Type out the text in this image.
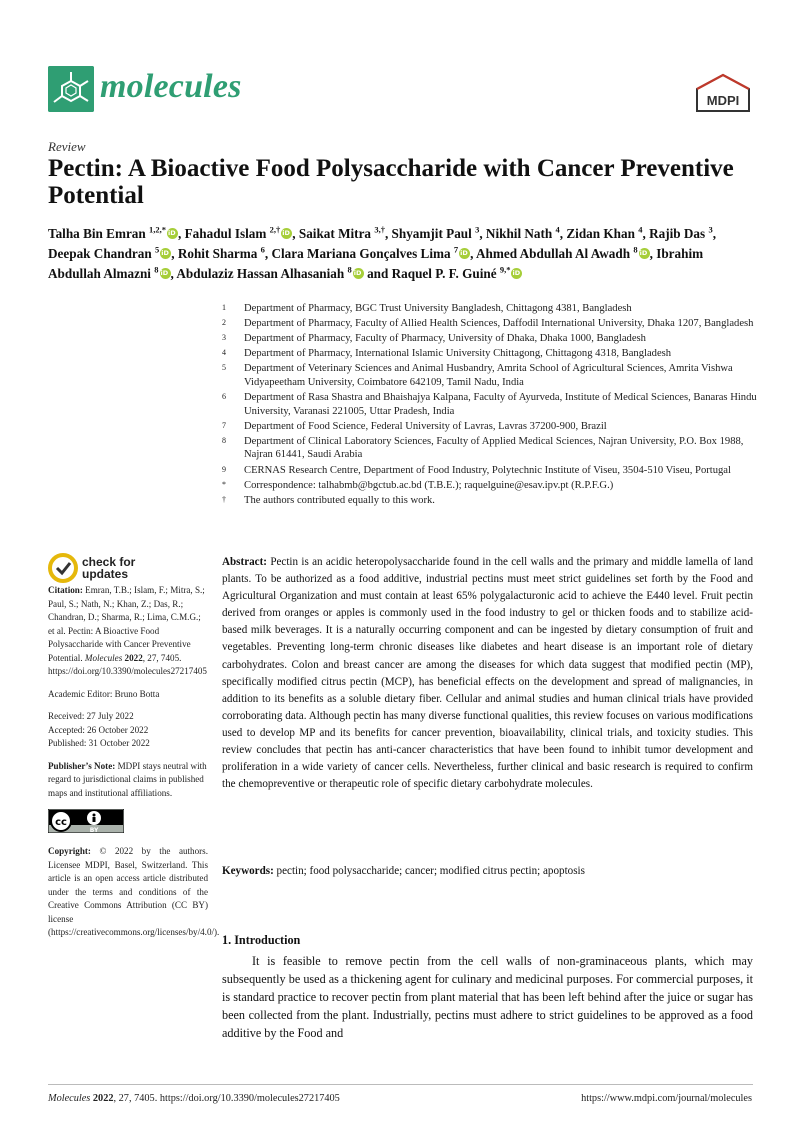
molecules	MDPI
Review
Pectin: A Bioactive Food Polysaccharide with Cancer Preventive Potential
Talha Bin Emran $^{1,2,*}$ iD , Fahadul Islam $^{2,\dagger}$ iD , Saikat Mitra $^{3,\dagger}$, Shyamjit Paul $^3$, Nikhil Nath $^4$, Zidan Khan $^4$, Rajib Das $^3$, Deepak Chandran $^5$ iD , Rohit Sharma $^6$, Clara Mariana Gonçalves Lima $^7$ iD , Ahmed Abdullah Al Awadh $^8$ iD , Ibrahim Abdullah Almazni $^8$ iD , Abdulaziz Hassan Alhasaniah $^8$ iD and Raquel P. F. Guiné $^{9,*}$iD
1	Department of Pharmacy, BGC Trust University Bangladesh, Chittagong 4381, Bangladesh
2	Department of Pharmacy, Faculty of Allied Health Sciences, Daffodil International University, Dhaka 1207, Bangladesh
3	Department of Pharmacy, Faculty of Pharmacy, University of Dhaka, Dhaka 1000, Bangladesh
4	Department of Pharmacy, International Islamic University Chittagong, Chittagong 4318, Bangladesh
5	Department of Veterinary Sciences and Animal Husbandry, Amrita School of Agricultural Sciences, Amrita Vishwa Vidyapeetham University, Coimbatore 642109, Tamil Nadu, India
6	Department of Rasa Shastra and Bhaishajya Kalpana, Faculty of Ayurveda, Institute of Medical Sciences, Banaras Hindu University, Varanasi 221005, Uttar Pradesh, India
7	Department of Food Science, Federal University of Lavras, Lavras 37200-900, Brazil
8	Department of Clinical Laboratory Sciences, Faculty of Applied Medical Sciences, Najran University, P.O. Box 1988, Najran 61441, Saudi Arabia
9	CERNAS Research Centre, Department of Food Industry, Polytechnic Institute of Viseu, 3504-510 Viseu, Portugal
*	Correspondence: talhabmb@bgctub.ac.bd (T.B.E.); raquelguine@esav.ipv.pt (R.P.F.G.)
†	The authors contributed equally to this work.
check for
updates

Citation: Emran, T.B.; Islam, F.; Mitra, S.; Paul, S.; Nath, N.; Khan, Z.; Das, R.; Chandran, D.; Sharma, R.; Lima, C.M.G.; et al. Pectin: A Bioactive Food Polysaccharide with Cancer Preventive Potential. Molecules 2022, 27, 7405. https://doi.org/10.3390/molecules27217405

Academic Editor: Bruno Botta

Received: 27 July 2022
Accepted: 26 October 2022
Published: 31 October 2022

Publisher’s Note: MDPI stays neutral with regard to jurisdictional claims in published maps and institutional affiliations.

cc
BY

Copyright: © 2022 by the authors. Licensee MDPI, Basel, Switzerland. This article is an open access article distributed under the terms and conditions of the Creative Commons Attribution (CC BY) license (https://creativecommons.org/licenses/by/4.0/).

Abstract: Pectin is an acidic heteropolysaccharide found in the cell walls and the primary and middle lamella of land plants. To be authorized as a food additive, industrial pectins must meet strict guidelines set forth by the Food and Agricultural Organization and must contain at least 65% polygalacturonic acid to achieve the E440 level. Fruit pectin derived from oranges or apples is commonly used in the food industry to gel or thicken foods and to stabilize acid-based milk beverages. It is a naturally occurring component and can be ingested by dietary consumption of fruit and vegetables. Preventing long-term chronic diseases like diabetes and heart disease is an important role of dietary carbohydrates. Colon and breast cancer are among the diseases for which data suggest that modified pectin (MP), specifically modified citrus pectin (MCP), has beneficial effects on the development and spread of malignancies, in addition to its benefits as a soluble dietary fiber. Cellular and animal studies and human clinical trials have provided corroborating data. Although pectin has many diverse functional qualities, this review focuses on various modifications used to develop MP and its benefits for cancer prevention, bioavailability, clinical trials, and toxicity studies. This review concludes that pectin has anti-cancer characteristics that have been found to inhibit tumor development and proliferation in a wide variety of cancer cells. Nevertheless, further clinical and basic research is required to confirm the chemopreventive or therapeutic role of specific dietary carbohydrate molecules.
Keywords: pectin; food polysaccharide; cancer; modified citrus pectin; apoptosis
1. Introduction
It is feasible to remove pectin from the cell walls of non-graminaceous plants, which may subsequently be used as a thickening agent for culinary and medicinal purposes. For commercial purposes, it is standard practice to recover pectin from plant material that has been left behind after the juice or sugar has been collected from the plant. Industrially, pectins must adhere to strict guidelines to be approved as a food additive by the Food and
Molecules 2022, 27, 7405. https://doi.org/10.3390/molecules27217405	https://www.mdpi.com/journal/molecules
